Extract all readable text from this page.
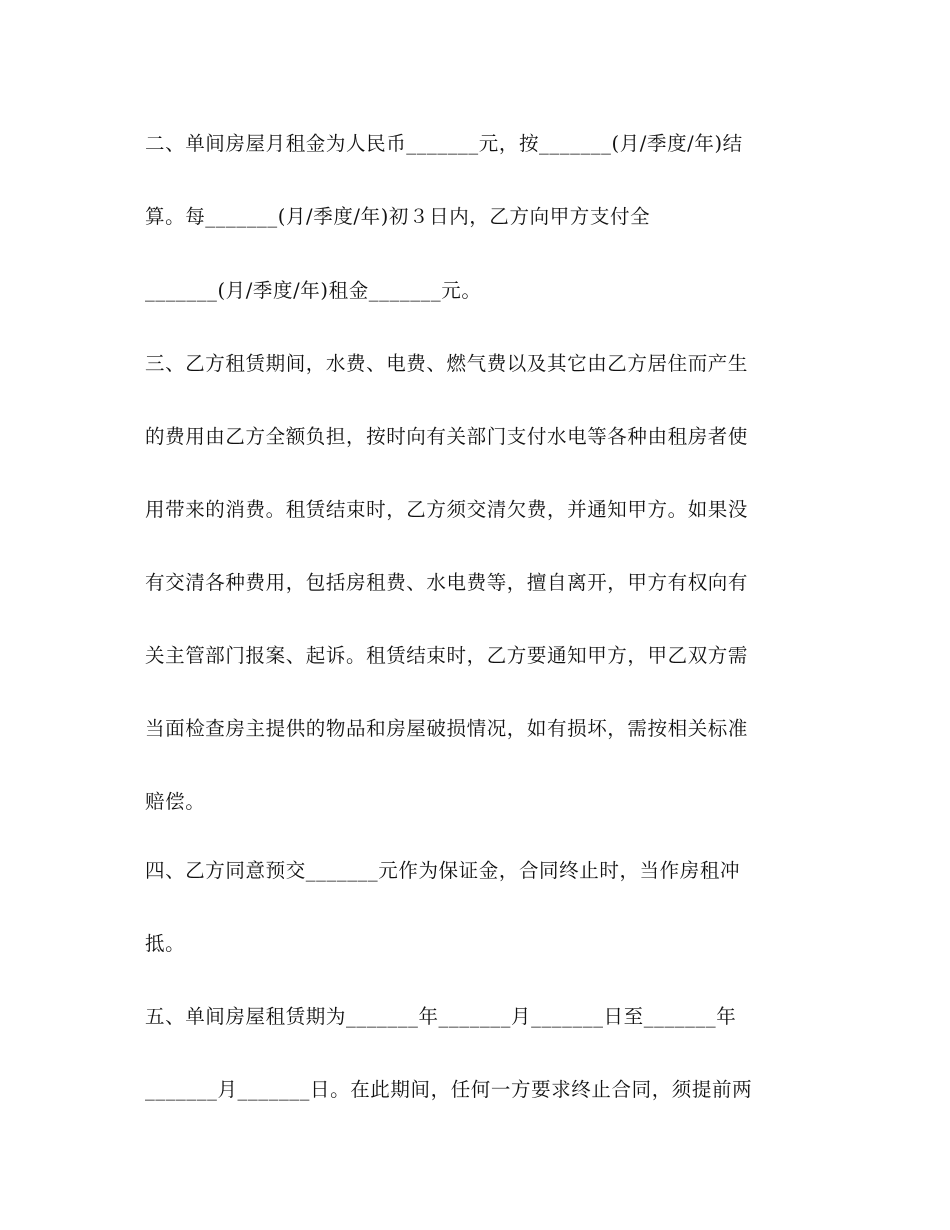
二、单间房屋月租金为人民币_______元，按_______(月/季度/年)结
算。每_______(月/季度/年)初３日内，乙方向甲方支付全
_______(月/季度/年)租金_______元。
三、乙方租赁期间，水费、电费、燃气费以及其它由乙方居住而产生
的费用由乙方全额负担，按时向有关部门支付水电等各种由租房者使
用带来的消费。租赁结束时，乙方须交清欠费，并通知甲方。如果没
有交清各种费用，包括房租费、水电费等，擅自离开，甲方有权向有
关主管部门报案、起诉。租赁结束时，乙方要通知甲方，甲乙双方需
当面检查房主提供的物品和房屋破损情况，如有损坏，需按相关标准
赔偿。
四、乙方同意预交_______元作为保证金，合同终止时，当作房租冲
抵。
五、单间房屋租赁期为_______年_______月_______日至_______年
_______月_______日。在此期间，任何一方要求终止合同，须提前两
